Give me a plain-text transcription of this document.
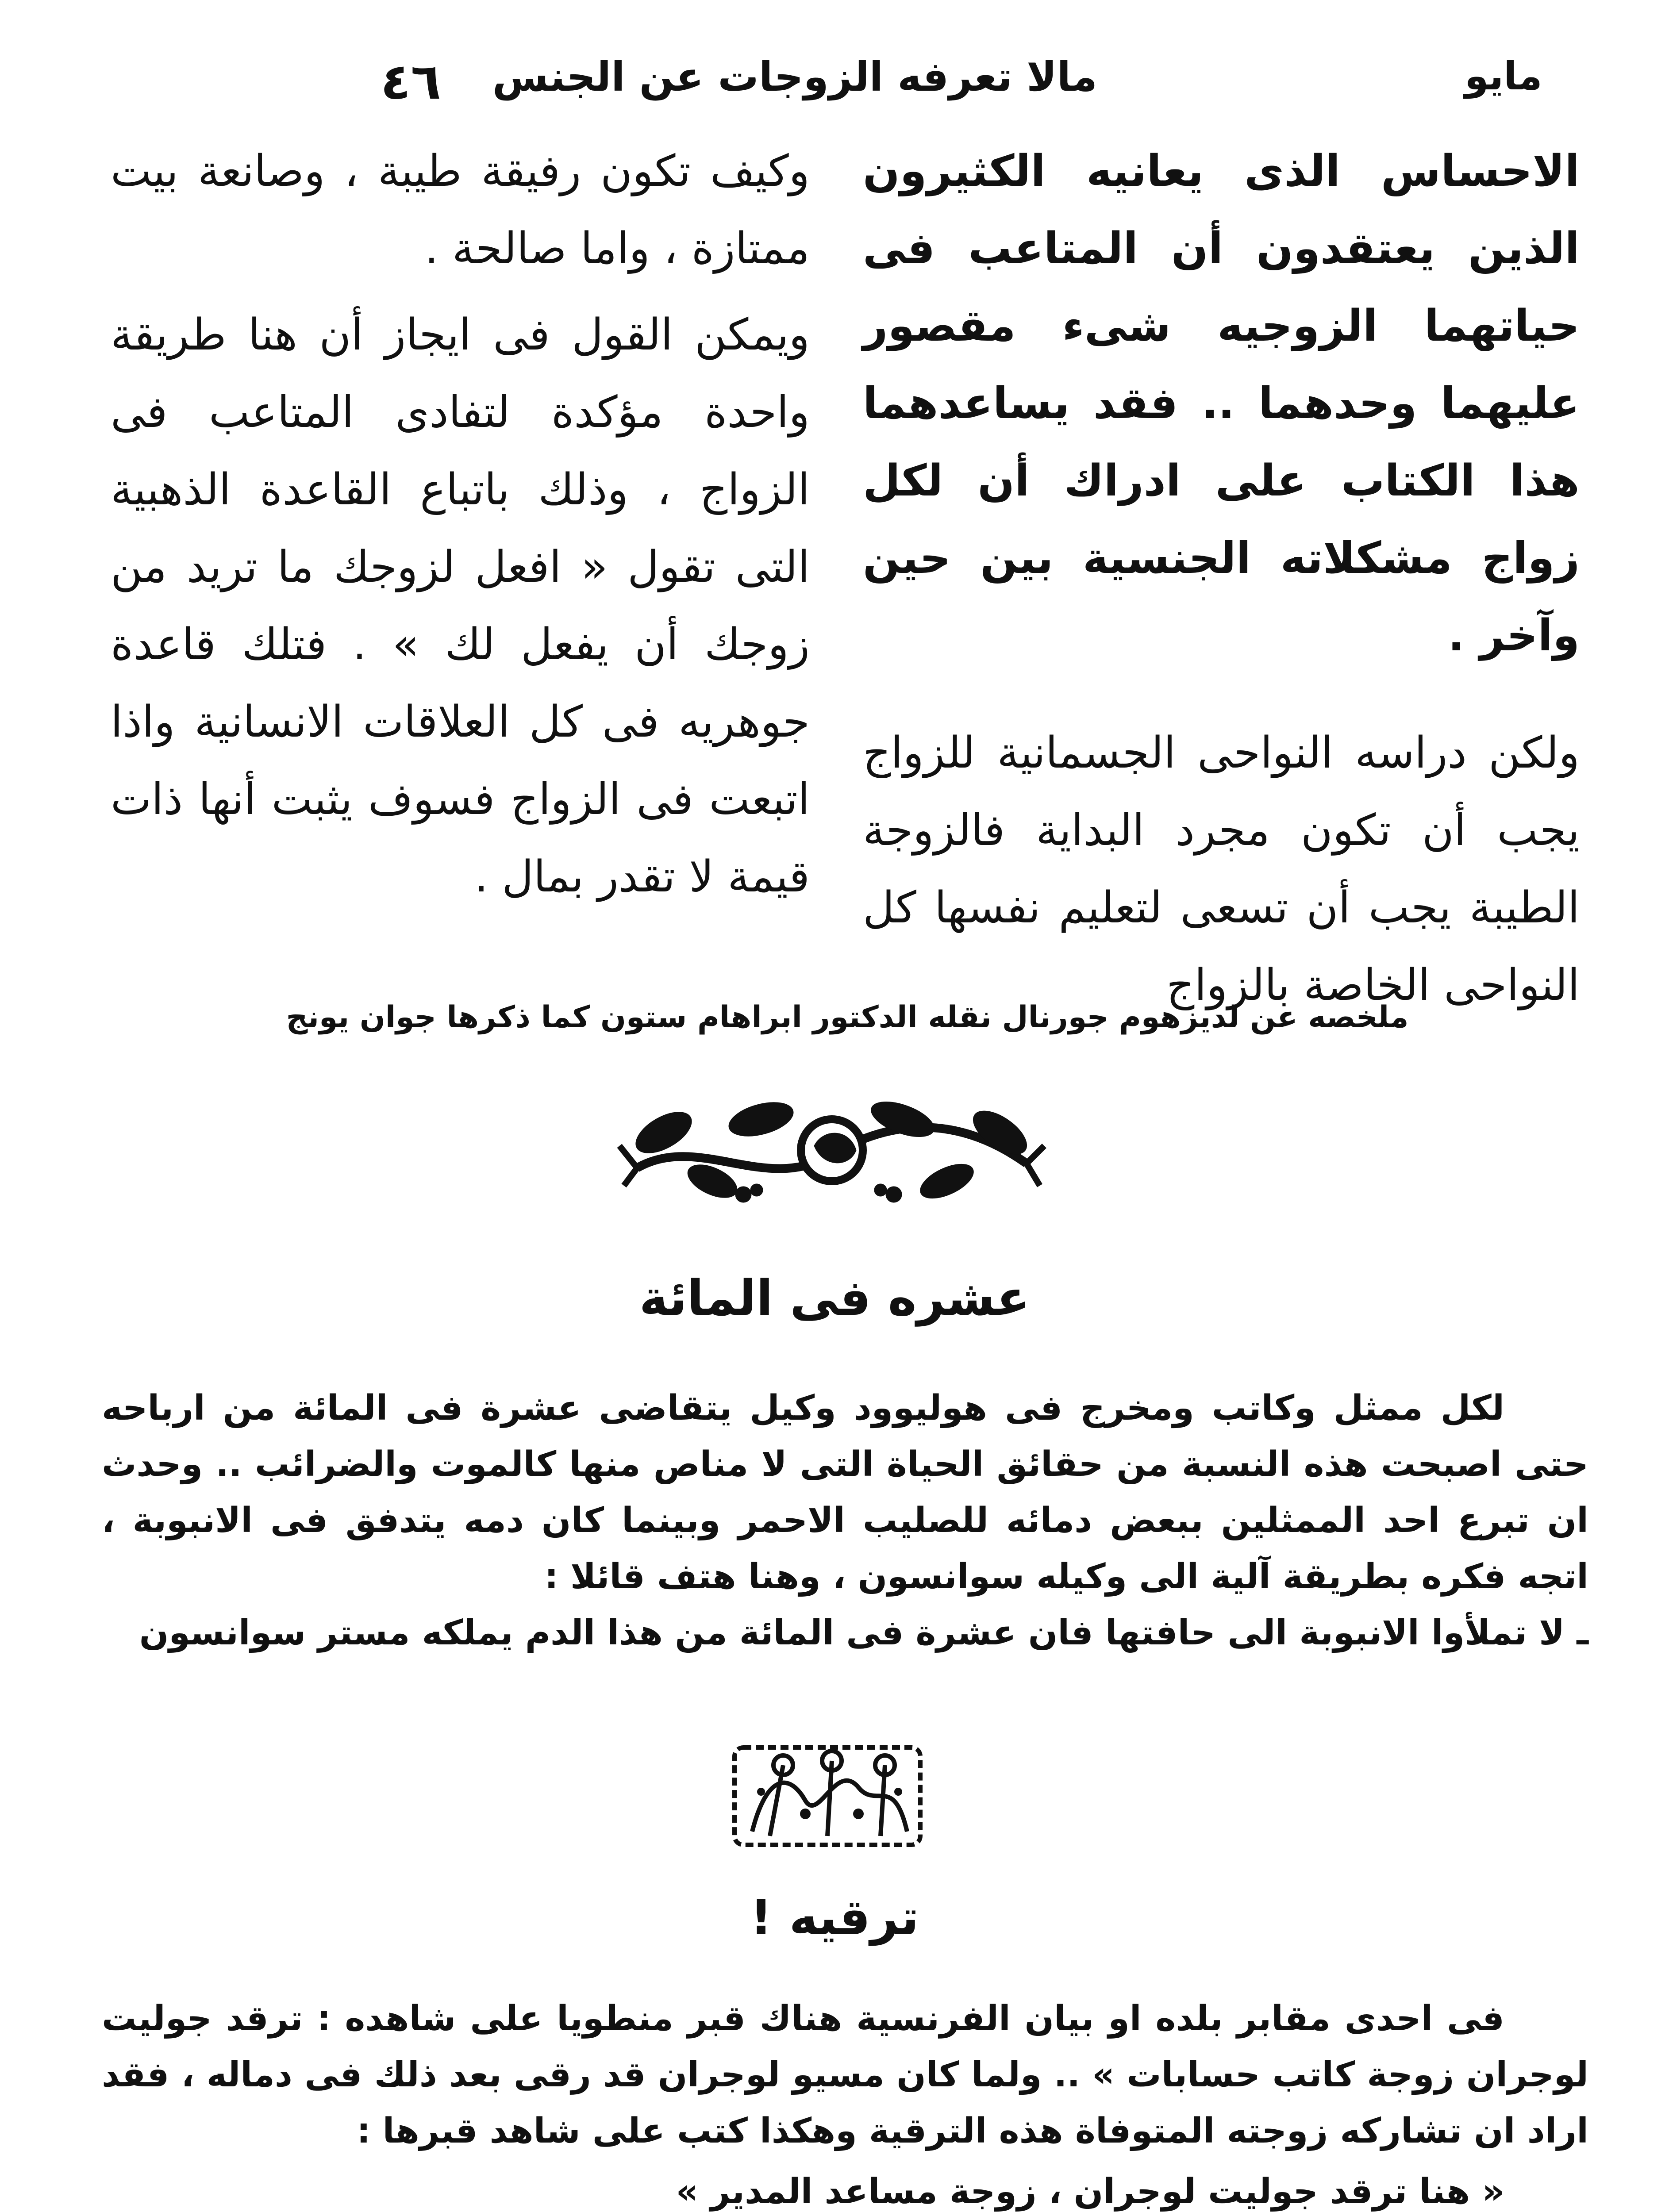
٤٦ مالا تعرفه الزوجات عن الجنس	مايو

الاحساس الذى يعانيه الكثيرون الذين يعتقدون أن المتاعب فى حياتهما الزوجيه شىء مقصور عليهما وحدهما .. فقد يساعدهما هذا الكتاب على ادراك أن لكل زواج مشكلاته الجنسية بين حين وآخر .

ولكن دراسه النواحى الجسمانية للزواج يجب أن تكون مجرد البداية فالزوجة الطيبة يجب أن تسعى لتعليم نفسها كل النواحى الخاصة بالزواج

وكيف تكون رفيقة طيبة ، وصانعة بيت ممتازة ، واما صالحة .

ويمكن القول فى ايجاز أن هنا طريقة واحدة مؤكدة لتفادى المتاعب فى الزواج ، وذلك باتباع القاعدة الذهبية التى تقول « افعل لزوجك ما تريد من زوجك أن يفعل لك » . فتلك قاعدة جوهريه فى كل العلاقات الانسانية واذا اتبعت فى الزواج فسوف يثبت أنها ذات قيمة لا تقدر بمال .

ملخصه عن لديزهوم جورنال نقله الدكتور ابراهام ستون كما ذكرها جوان يونج
عشره فى المائة

لكل ممثل وكاتب ومخرج فى هوليوود وكيل يتقاضى عشرة فى المائة من ارباحه حتى اصبحت هذه النسبة من حقائق الحياة التى لا مناص منها كالموت والضرائب .. وحدث ان تبرع احد الممثلين ببعض دمائه للصليب الاحمر وبينما كان دمه يتدفق فى الانبوبة ، اتجه فكره بطريقة آلية الى وكيله سوانسون ، وهنا هتف قائلا :

ـ لا تملأوا الانبوبة الى حافتها فان عشرة فى المائة من هذا الدم يملكه مستر سوانسون

ترقيه !

فى احدى مقابر بلده او بيان الفرنسية هناك قبر منطويا على شاهده : ترقد جوليت لوجران زوجة كاتب حسابات » .. ولما كان مسيو لوجران قد رقى بعد ذلك فى دماله ، فقد اراد ان تشاركه زوجته المتوفاة هذه الترقية وهكذا كتب على شاهد قبرها :

« هنا ترقد جوليت لوجران ، زوجة مساعد المدير »
